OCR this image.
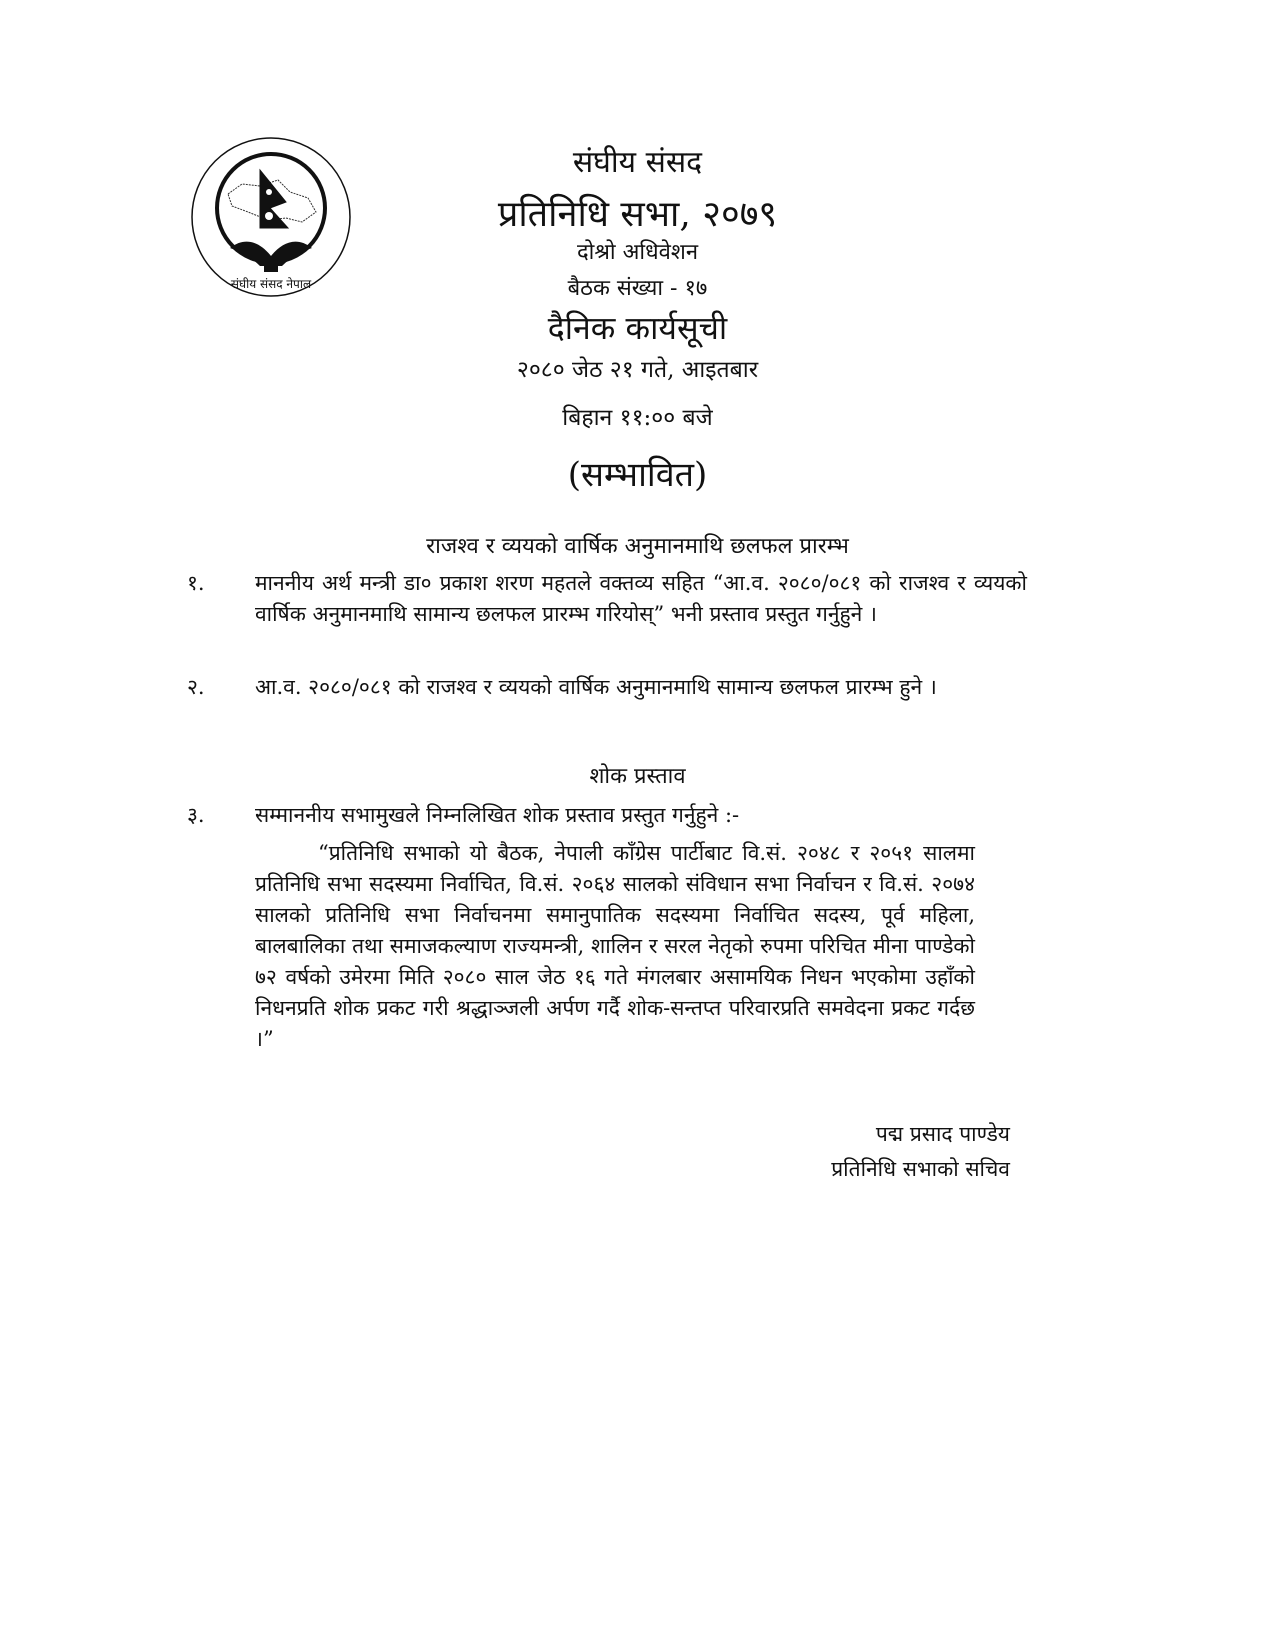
संघीय संसद नेपाल
संघीय संसद
प्रतिनिधि सभा, २०७९
दोश्रो अधिवेशन
बैठक संख्या - १७
दैनिक कार्यसूची
२०८० जेठ २१ गते, आइतबार
बिहान ११:०० बजे
(सम्भावित)
राजश्व र व्ययको वार्षिक अनुमानमाथि छलफल प्रारम्भ
१.	माननीय अर्थ मन्त्री डा० प्रकाश शरण महतले वक्तव्य सहित “आ.व. २०८०/०८१ को राजश्व र व्ययको वार्षिक अनुमानमाथि सामान्य छलफल प्रारम्भ गरियोस्” भनी प्रस्ताव प्रस्तुत गर्नुहुने ।
२.	आ.व. २०८०/०८१ को राजश्व र व्ययको वार्षिक अनुमानमाथि सामान्य छलफल प्रारम्भ हुने ।
शोक प्रस्ताव
३.	सम्माननीय सभामुखले निम्नलिखित शोक प्रस्ताव प्रस्तुत गर्नुहुने :-
“प्रतिनिधि सभाको यो बैठक, नेपाली काँग्रेस पार्टीबाट वि.सं. २०४८ र २०५१ सालमा प्रतिनिधि सभा सदस्यमा निर्वाचित, वि.सं. २०६४ सालको संविधान सभा निर्वाचन र वि.सं. २०७४ सालको प्रतिनिधि सभा निर्वाचनमा समानुपातिक सदस्यमा निर्वाचित सदस्य, पूर्व महिला, बालबालिका तथा समाजकल्याण राज्यमन्त्री, शालिन र सरल नेतृको रुपमा परिचित मीना पाण्डेको ७२ वर्षको उमेरमा मिति २०८० साल जेठ १६ गते मंगलबार असामयिक निधन भएकोमा उहाँको निधनप्रति शोक प्रकट गरी श्रद्धाञ्जली अर्पण गर्दै शोक-सन्तप्त परिवारप्रति समवेदना प्रकट गर्दछ ।”
पद्म प्रसाद पाण्डेय
प्रतिनिधि सभाको सचिव
